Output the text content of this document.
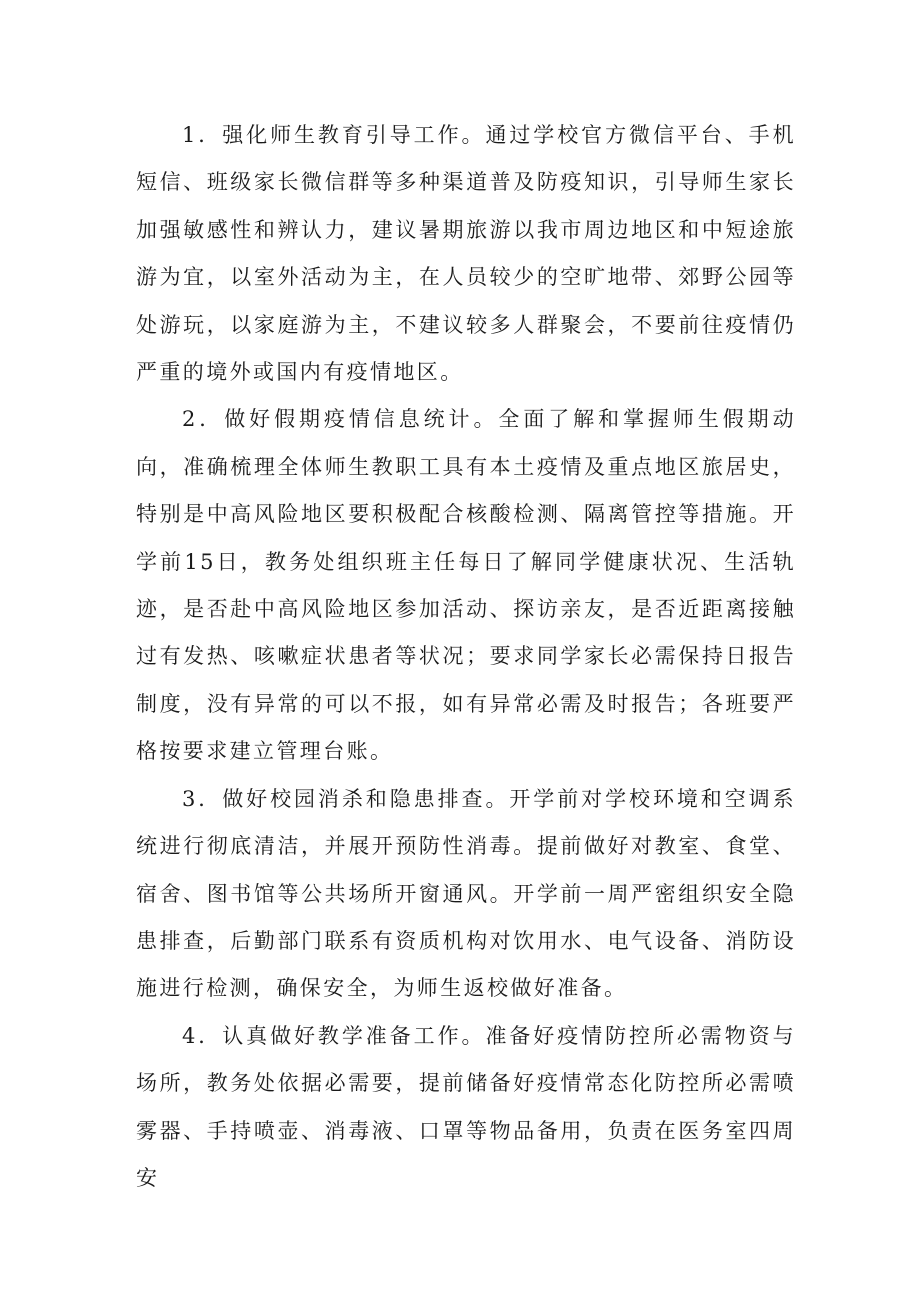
1．强化师生教育引导工作。通过学校官方微信平台、手机短信、班级家长微信群等多种渠道普及防疫知识，引导师生家长加强敏感性和辨认力，建议暑期旅游以我市周边地区和中短途旅游为宜，以室外活动为主，在人员较少的空旷地带、郊野公园等处游玩，以家庭游为主，不建议较多人群聚会，不要前往疫情仍严重的境外或国内有疫情地区。

2．做好假期疫情信息统计。全面了解和掌握师生假期动向，准确梳理全体师生教职工具有本土疫情及重点地区旅居史，特别是中高风险地区要积极配合核酸检测、隔离管控等措施。开学前15日，教务处组织班主任每日了解同学健康状况、生活轨迹，是否赴中高风险地区参加活动、探访亲友，是否近距离接触过有发热、咳嗽症状患者等状况；要求同学家长必需保持日报告制度，没有异常的可以不报，如有异常必需及时报告；各班要严格按要求建立管理台账。

3．做好校园消杀和隐患排查。开学前对学校环境和空调系统进行彻底清洁，并展开预防性消毒。提前做好对教室、食堂、宿舍、图书馆等公共场所开窗通风。开学前一周严密组织安全隐患排查，后勤部门联系有资质机构对饮用水、电气设备、消防设施进行检测，确保安全，为师生返校做好准备。

4．认真做好教学准备工作。准备好疫情防控所必需物资与场所，教务处依据必需要，提前储备好疫情常态化防控所必需喷雾器、手持喷壶、消毒液、口罩等物品备用，负责在医务室四周安
